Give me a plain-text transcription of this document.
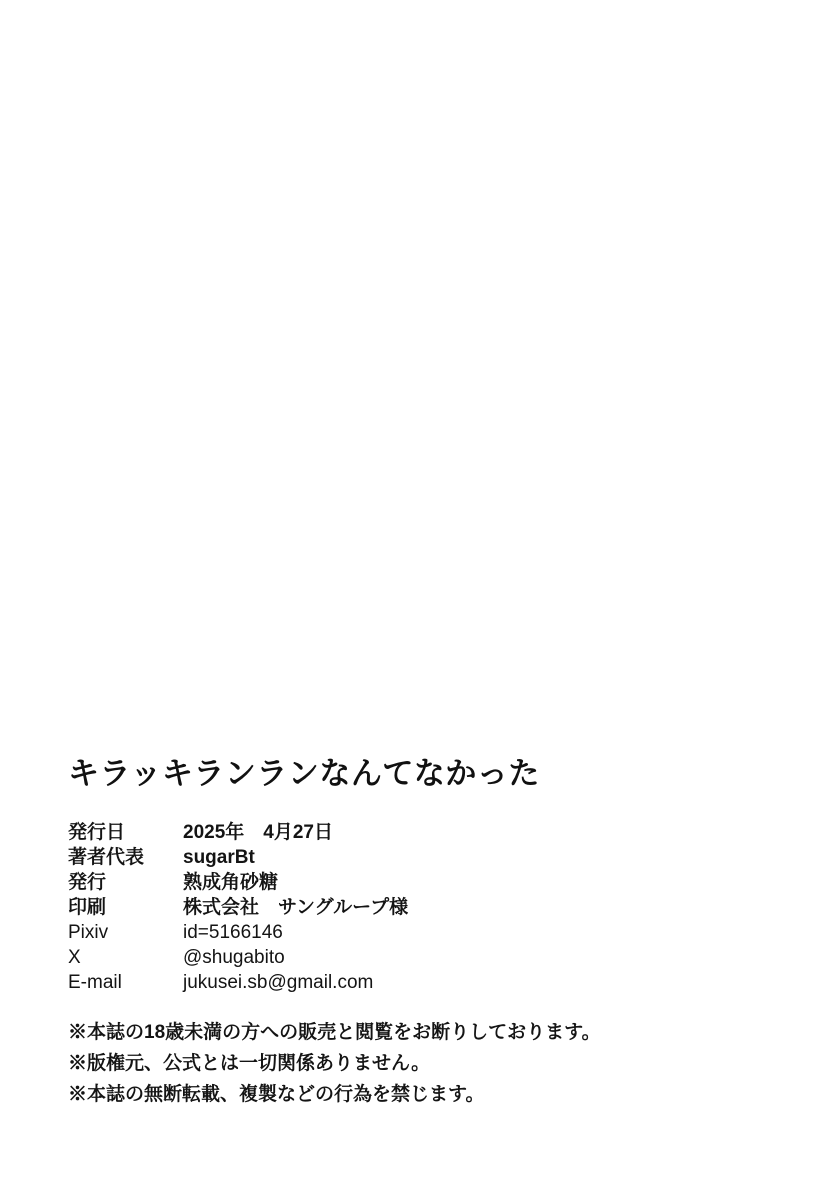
キラッキランランなんてなかった
発行日	2025年　4月27日
著者代表	sugarBt
発行	熟成角砂糖
印刷	株式会社　サングループ様
Pixiv	id=5166146
X	@shugabito
E-mail	jukusei.sb@gmail.com
※本誌の18歳未満の方への販売と閲覧をお断りしております。
※版権元、公式とは一切関係ありません。
※本誌の無断転載、複製などの行為を禁じます。
